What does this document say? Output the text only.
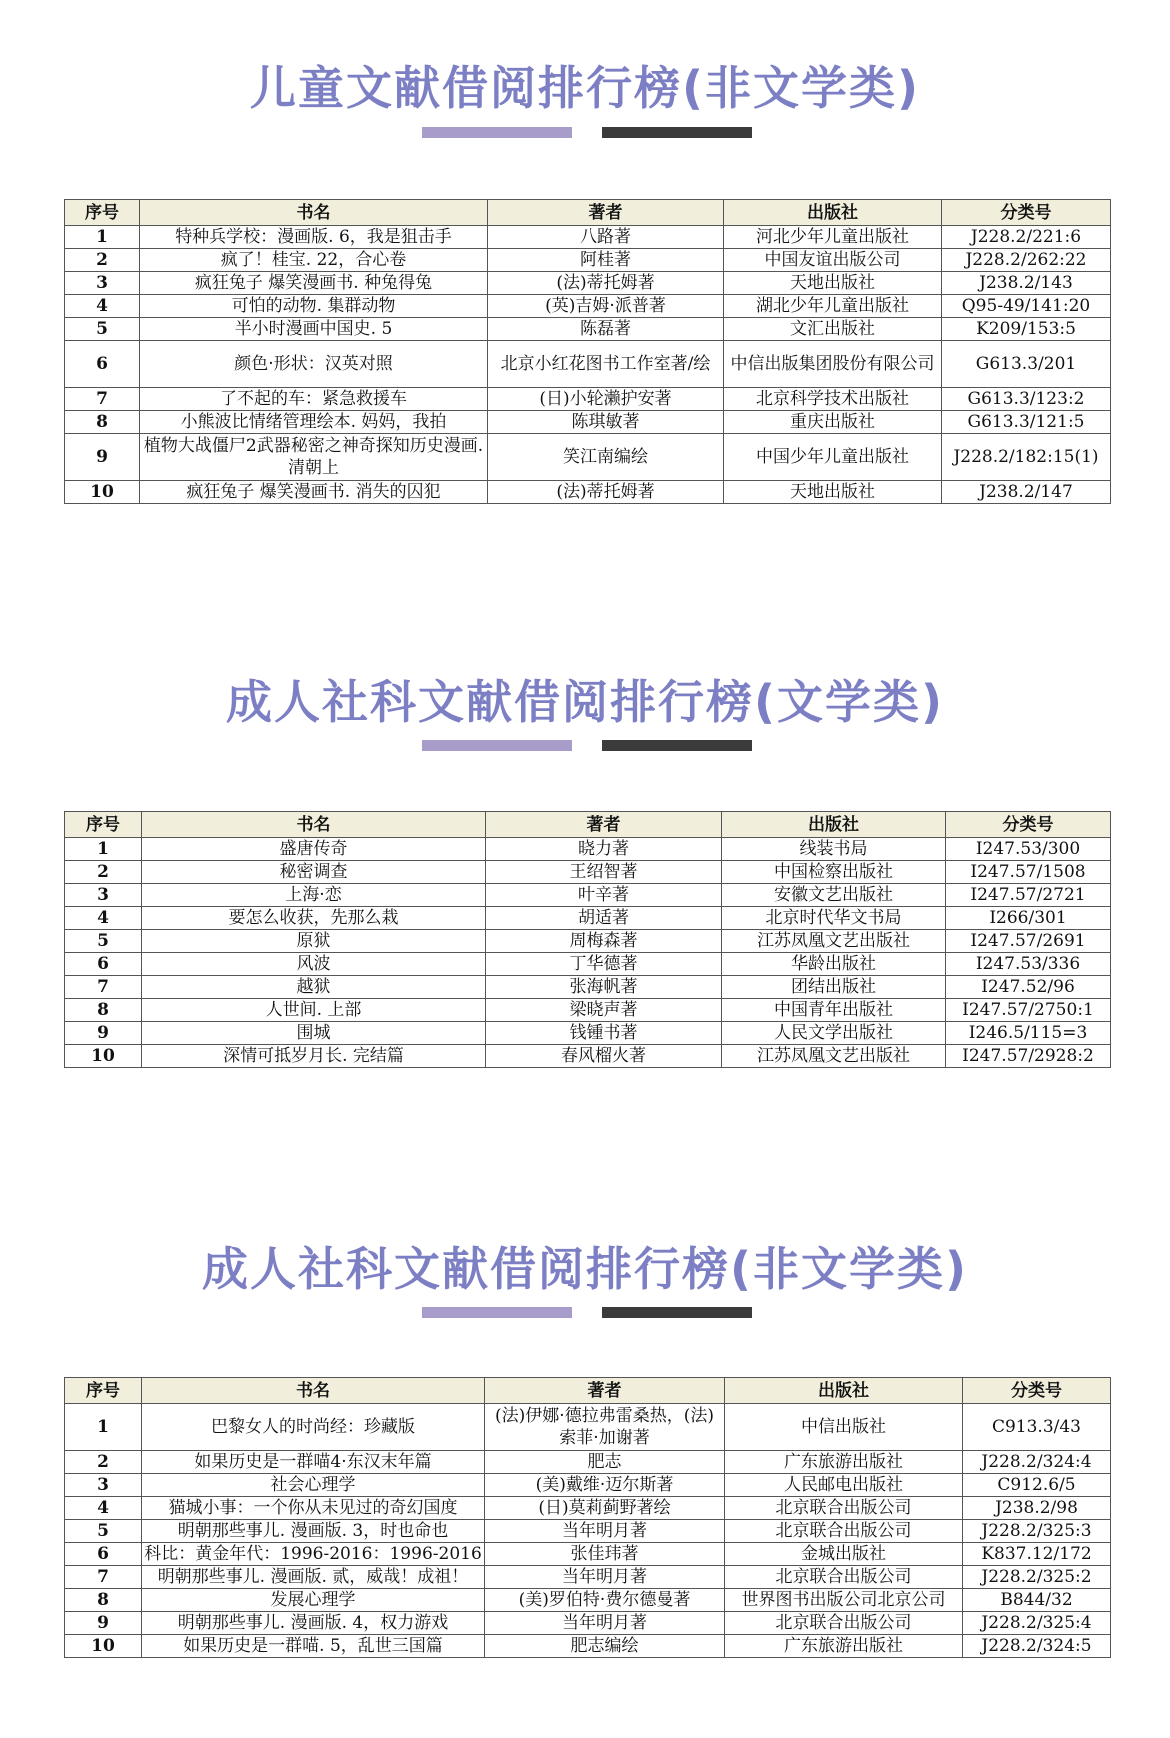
儿童文献借阅排行榜(非文学类)
序号	书名	著者	出版社	分类号
1	特种兵学校：漫画版. 6，我是狙击手	八路著	河北少年儿童出版社	J228.2/221:6
2	疯了！桂宝. 22，合心卷	阿桂著	中国友谊出版公司	J228.2/262:22
3	疯狂兔子 爆笑漫画书. 种兔得兔	(法)蒂托姆著	天地出版社	J238.2/143
4	可怕的动物. 集群动物	(英)吉姆·派普著	湖北少年儿童出版社	Q95-49/141:20
5	半小时漫画中国史. 5	陈磊著	文汇出版社	K209/153:5
6	颜色·形状：汉英对照	北京小红花图书工作室著/绘	中信出版集团股份有限公司	G613.3/201
7	了不起的车：紧急救援车	(日)小轮濑护安著	北京科学技术出版社	G613.3/123:2
8	小熊波比情绪管理绘本. 妈妈，我拍	陈琪敏著	重庆出版社	G613.3/121:5
9	植物大战僵尸2武器秘密之神奇探知历史漫画. 清朝上	笑江南编绘	中国少年儿童出版社	J228.2/182:15(1)
10	疯狂兔子 爆笑漫画书. 消失的囚犯	(法)蒂托姆著	天地出版社	J238.2/147
成人社科文献借阅排行榜(文学类)
序号	书名	著者	出版社	分类号
1	盛唐传奇	晓力著	线装书局	I247.53/300
2	秘密调查	王绍智著	中国检察出版社	I247.57/1508
3	上海·恋	叶辛著	安徽文艺出版社	I247.57/2721
4	要怎么收获，先那么栽	胡适著	北京时代华文书局	I266/301
5	原狱	周梅森著	江苏凤凰文艺出版社	I247.57/2691
6	风波	丁华德著	华龄出版社	I247.53/336
7	越狱	张海帆著	团结出版社	I247.52/96
8	人世间. 上部	梁晓声著	中国青年出版社	I247.57/2750:1
9	围城	钱锺书著	人民文学出版社	I246.5/115=3
10	深情可抵岁月长. 完结篇	春风榴火著	江苏凤凰文艺出版社	I247.57/2928:2
成人社科文献借阅排行榜(非文学类)
序号	书名	著者	出版社	分类号
1	巴黎女人的时尚经：珍藏版	(法)伊娜·德拉弗雷桑热，(法)索菲·加谢著	中信出版社	C913.3/43
2	如果历史是一群喵4·东汉末年篇	肥志	广东旅游出版社	J228.2/324:4
3	社会心理学	(美)戴维·迈尔斯著	人民邮电出版社	C912.6/5
4	猫城小事：一个你从未见过的奇幻国度	(日)莫莉蓟野著绘	北京联合出版公司	J238.2/98
5	明朝那些事儿. 漫画版. 3，时也命也	当年明月著	北京联合出版公司	J228.2/325:3
6	科比：黄金年代：1996-2016：1996-2016	张佳玮著	金城出版社	K837.12/172
7	明朝那些事儿. 漫画版. 贰，威哉！成祖！	当年明月著	北京联合出版公司	J228.2/325:2
8	发展心理学	(美)罗伯特·费尔德曼著	世界图书出版公司北京公司	B844/32
9	明朝那些事儿. 漫画版. 4，权力游戏	当年明月著	北京联合出版公司	J228.2/325:4
10	如果历史是一群喵. 5，乱世三国篇	肥志编绘	广东旅游出版社	J228.2/324:5
